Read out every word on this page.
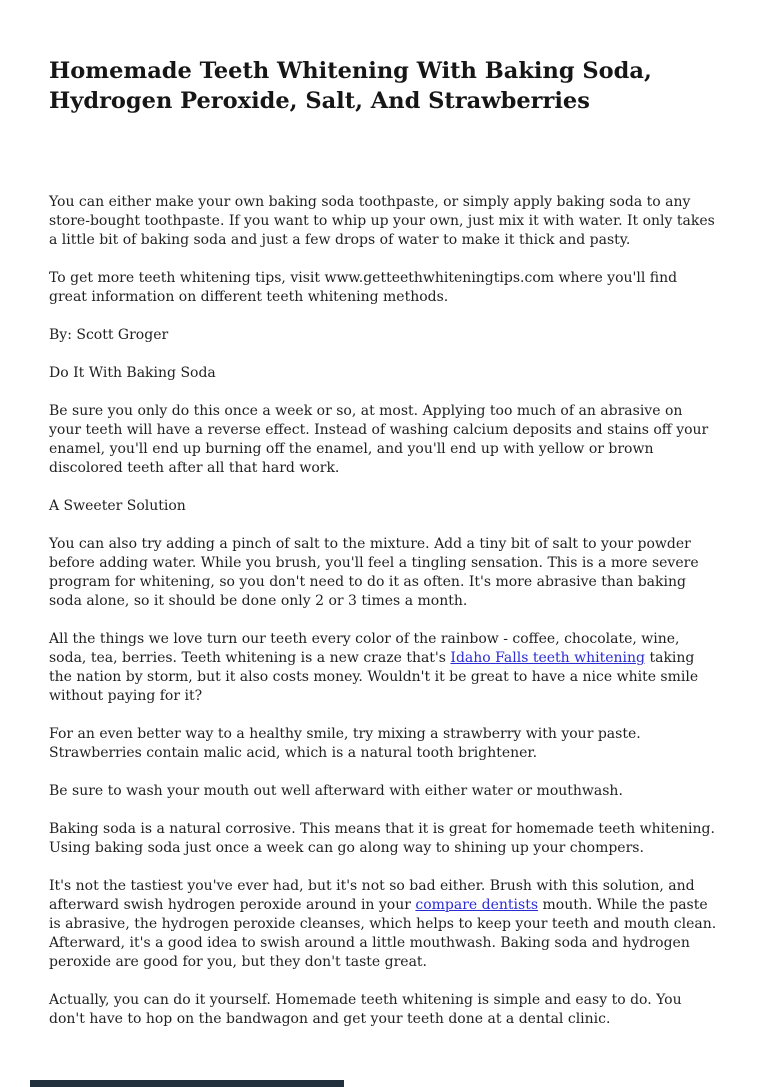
Homemade Teeth Whitening With Baking Soda, Hydrogen Peroxide, Salt, And Strawberries

You can either make your own baking soda toothpaste, or simply apply baking soda to any store-bought toothpaste. If you want to whip up your own, just mix it with water. It only takes a little bit of baking soda and just a few drops of water to make it thick and pasty.

To get more teeth whitening tips, visit www.getteethwhiteningtips.com where you'll find great information on different teeth whitening methods.

By: Scott Groger

Do It With Baking Soda

Be sure you only do this once a week or so, at most. Applying too much of an abrasive on your teeth will have a reverse effect. Instead of washing calcium deposits and stains off your enamel, you'll end up burning off the enamel, and you'll end up with yellow or brown discolored teeth after all that hard work.

A Sweeter Solution

You can also try adding a pinch of salt to the mixture. Add a tiny bit of salt to your powder before adding water. While you brush, you'll feel a tingling sensation. This is a more severe program for whitening, so you don't need to do it as often. It's more abrasive than baking soda alone, so it should be done only 2 or 3 times a month.

All the things we love turn our teeth every color of the rainbow - coffee, chocolate, wine, soda, tea, berries. Teeth whitening is a new craze that's Idaho Falls teeth whitening taking the nation by storm, but it also costs money. Wouldn't it be great to have a nice white smile without paying for it?

For an even better way to a healthy smile, try mixing a strawberry with your paste. Strawberries contain malic acid, which is a natural tooth brightener.

Be sure to wash your mouth out well afterward with either water or mouthwash.

Baking soda is a natural corrosive. This means that it is great for homemade teeth whitening. Using baking soda just once a week can go along way to shining up your chompers.

It's not the tastiest you've ever had, but it's not so bad either. Brush with this solution, and afterward swish hydrogen peroxide around in your compare dentists mouth. While the paste is abrasive, the hydrogen peroxide cleanses, which helps to keep your teeth and mouth clean. Afterward, it's a good idea to swish around a little mouthwash. Baking soda and hydrogen peroxide are good for you, but they don't taste great.

Actually, you can do it yourself. Homemade teeth whitening is simple and easy to do. You don't have to hop on the bandwagon and get your teeth done at a dental clinic.
